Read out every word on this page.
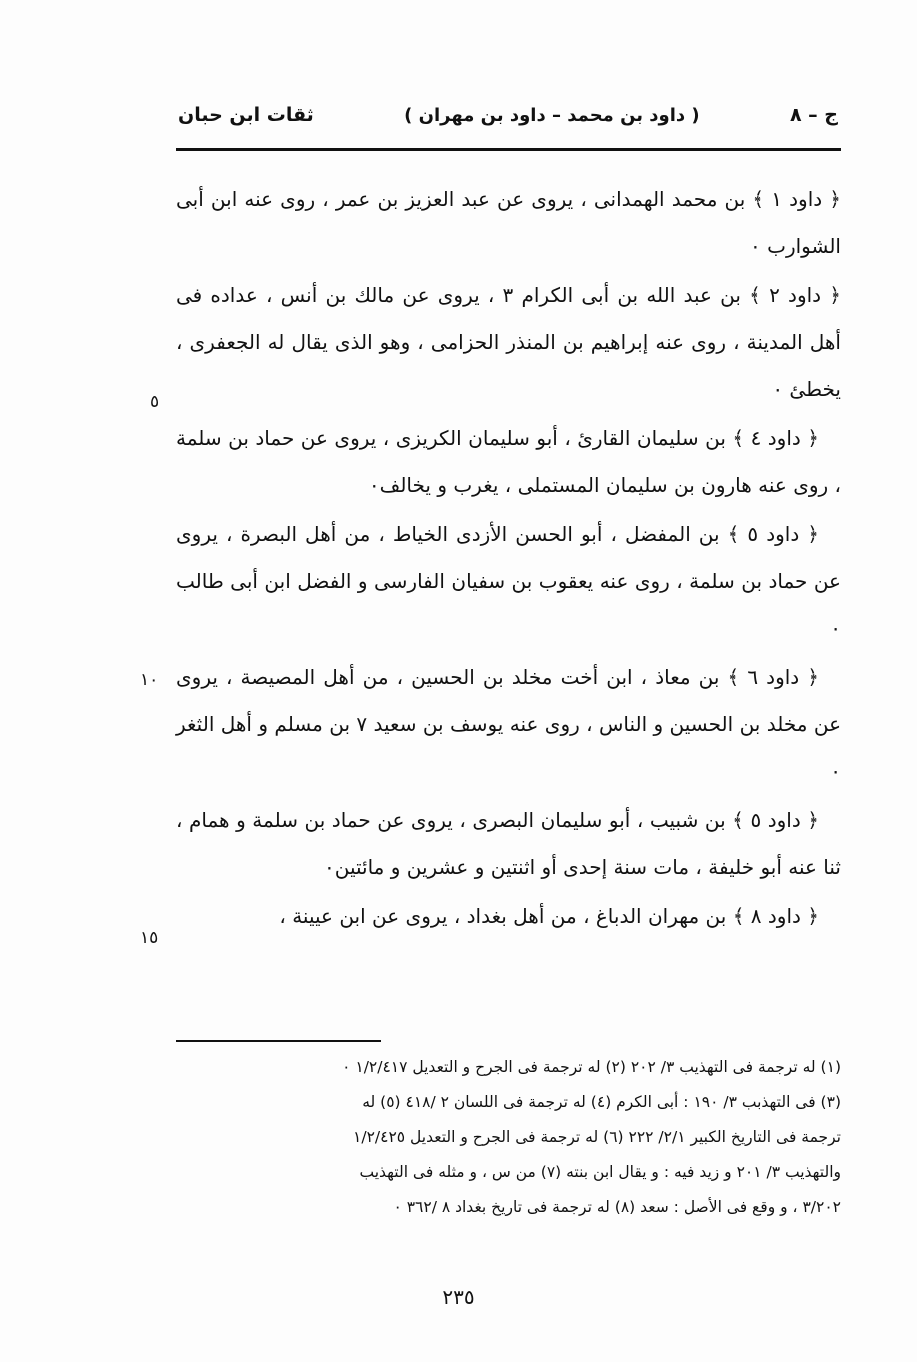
ثقات ابن حبان	( داود بن محمد – داود بن مهران )	ج – ٨

﴿ داود ١ ﴾ بن محمد الهمدانى ، يروى عن عبد العزيز بن عمر ، روى عنه ابن أبى الشوارب ٠

﴿ داود ٢ ﴾ بن عبد الله بن أبى الكرام ٣ ، يروى عن مالك بن أنس ، عداده فى أهل المدينة ، روى عنه إبراهيم بن المنذر الحزامى ، وهو الذى يقال له الجعفرى ، يخطئ ٠

﴿ داود ٤ ﴾ بن سليمان القارئ ، أبو سليمان الكريزى ، يروى عن حماد بن سلمة ، روى عنه هارون بن سليمان المستملى ، يغرب و يخالف٠

﴿ داود ٥ ﴾ بن المفضل ، أبو الحسن الأزدى الخياط ، من أهل البصرة ، يروى عن حماد بن سلمة ، روى عنه يعقوب بن سفيان الفارسى و الفضل ابن أبى طالب ٠

﴿ داود ٦ ﴾ بن معاذ ، ابن أخت مخلد بن الحسين ، من أهل المصيصة ، يروى عن مخلد بن الحسين و الناس ، روى عنه يوسف بن سعيد ٧ بن مسلم و أهل الثغر ٠

﴿ داود ٥ ﴾ بن شبيب ، أبو سليمان البصرى ، يروى عن حماد بن سلمة و همام ، ثنا عنه أبو خليفة ، مات سنة إحدى أو اثنتين و عشرين و مائتين٠

﴿ داود ٨ ﴾ بن مهران الدباغ ، من أهل بغداد ، يروى عن ابن عيينة ،

٥
١٠
١٥

(١) له ترجمة فى التهذيب ٣/ ٢٠٢ (٢) له ترجمة فى الجرح و التعديل ١/٢/٤١٧ ٠

(٣) فى التهذبب ٣/ ١٩٠ : أبى الكرم (٤) له ترجمة فى اللسان ٢ /٤١٨ (٥) له

ترجمة فى التاريخ الكبير ٢/١/ ٢٢٢ (٦) له ترجمة فى الجرح و التعديل ١/٢/٤٢٥

والتهذيب ٣/ ٢٠١ و زيد فيه : و يقال ابن بنته (٧) من س ، و مثله فى التهذيب

٣/٢٠٢ ، و وقع فى الأصل : سعد (٨) له ترجمة فى تاريخ بغداد ٨ /٣٦٢ ٠

٢٣٥
